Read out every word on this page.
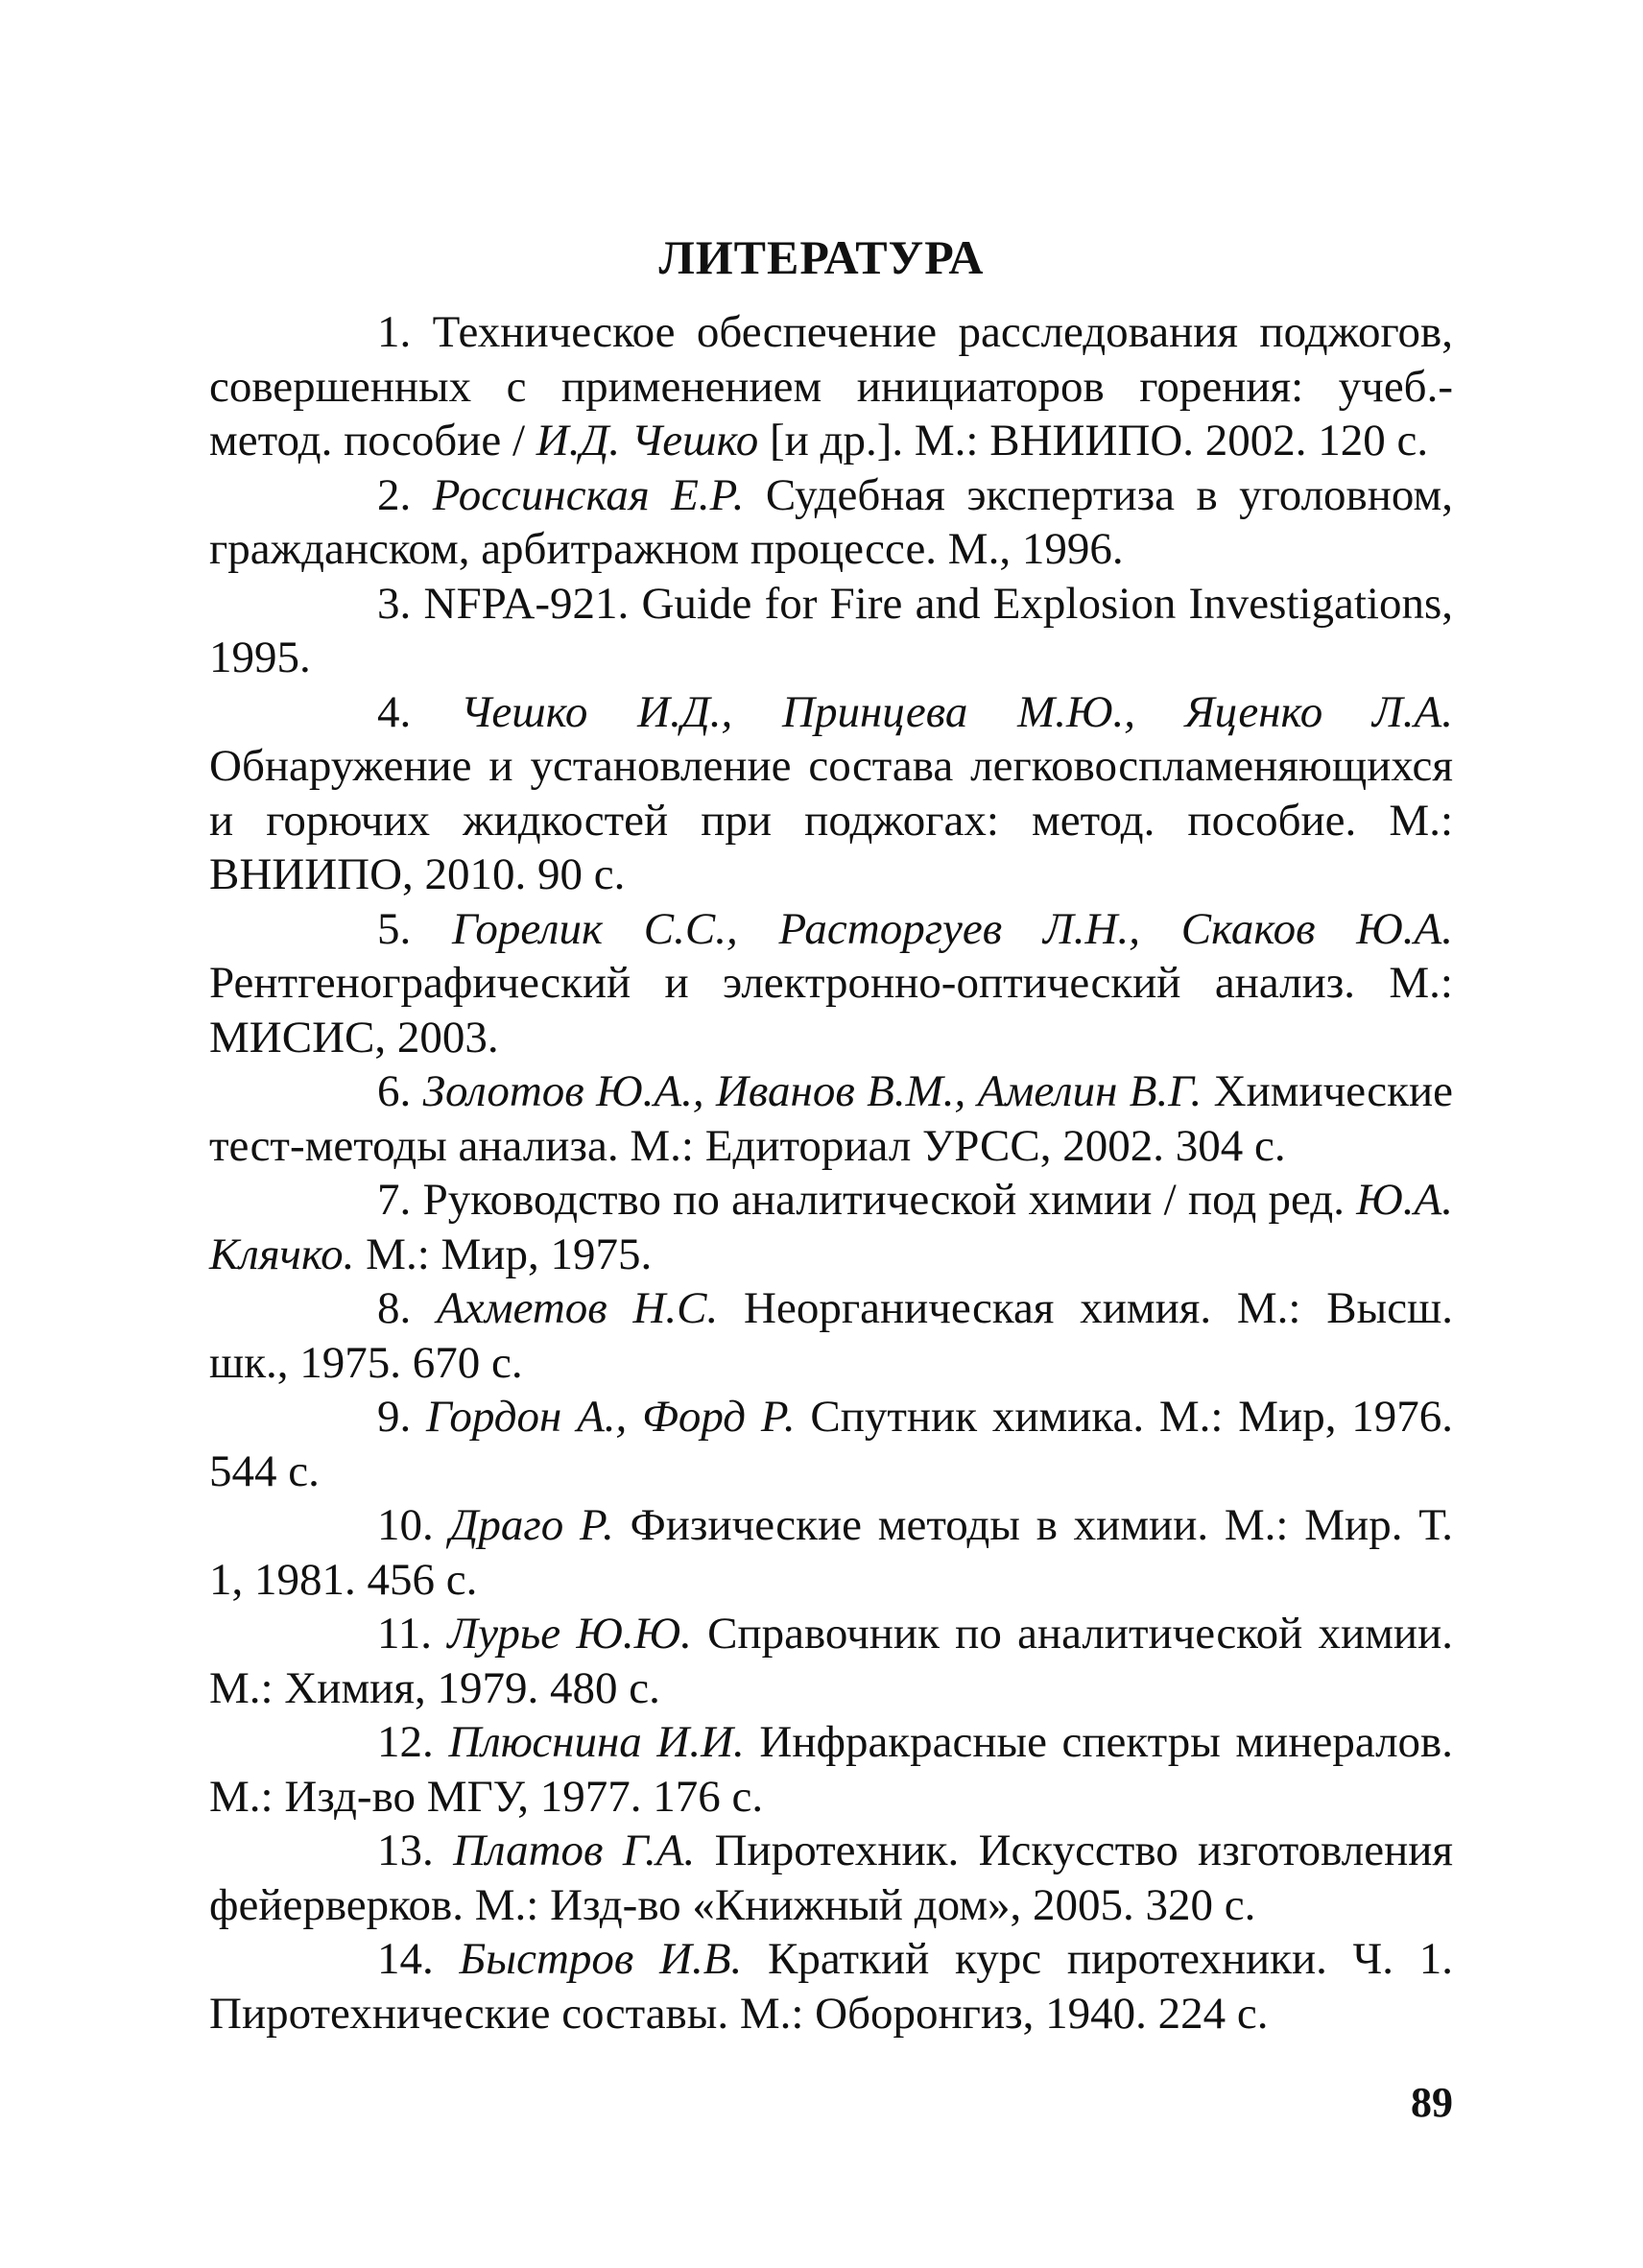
ЛИТЕРАТУРА
1. Техническое обеспечение расследования поджогов, совершенных с применением инициаторов горения: учеб.-метод. пособие / И.Д. Чешко [и др.]. М.: ВНИИПО. 2002. 120 с.
2. Россинская Е.Р. Судебная экспертиза в уголовном, гражданском, арбитражном процессе. М., 1996.
3. NFPA-921. Guide for Fire and Explosion Investigations, 1995.
4. Чешко И.Д., Принцева М.Ю., Яценко Л.А. Обнаружение и установление состава легковоспламеняющихся и горючих жидкостей при поджогах: метод. пособие. М.: ВНИИПО, 2010. 90 с.
5. Горелик С.С., Расторгуев Л.Н., Скаков Ю.А. Рентгенографический и электронно-оптический анализ. М.: МИСИС, 2003.
6. Золотов Ю.А., Иванов В.М., Амелин В.Г. Химические тест-методы анализа. М.: Едиториал УРСС, 2002. 304 с.
7. Руководство по аналитической химии / под ред. Ю.А. Клячко. М.: Мир, 1975.
8. Ахметов Н.С. Неорганическая химия. М.: Высш. шк., 1975. 670 с.
9. Гордон А., Форд Р. Спутник химика. М.: Мир, 1976. 544 с.
10. Драго Р. Физические методы в химии. М.: Мир. Т. 1, 1981. 456 с.
11. Лурье Ю.Ю. Справочник по аналитической химии. М.: Химия, 1979. 480 с.
12. Плюснина И.И. Инфракрасные спектры минералов. М.: Изд-во МГУ, 1977. 176 с.
13. Платов Г.А. Пиротехник. Искусство изготовления фейерверков. М.: Изд-во «Книжный дом», 2005. 320 с.
14. Быстров И.В. Краткий курс пиротехники. Ч. 1. Пиротехнические составы. М.: Оборонгиз, 1940. 224 с.
89
